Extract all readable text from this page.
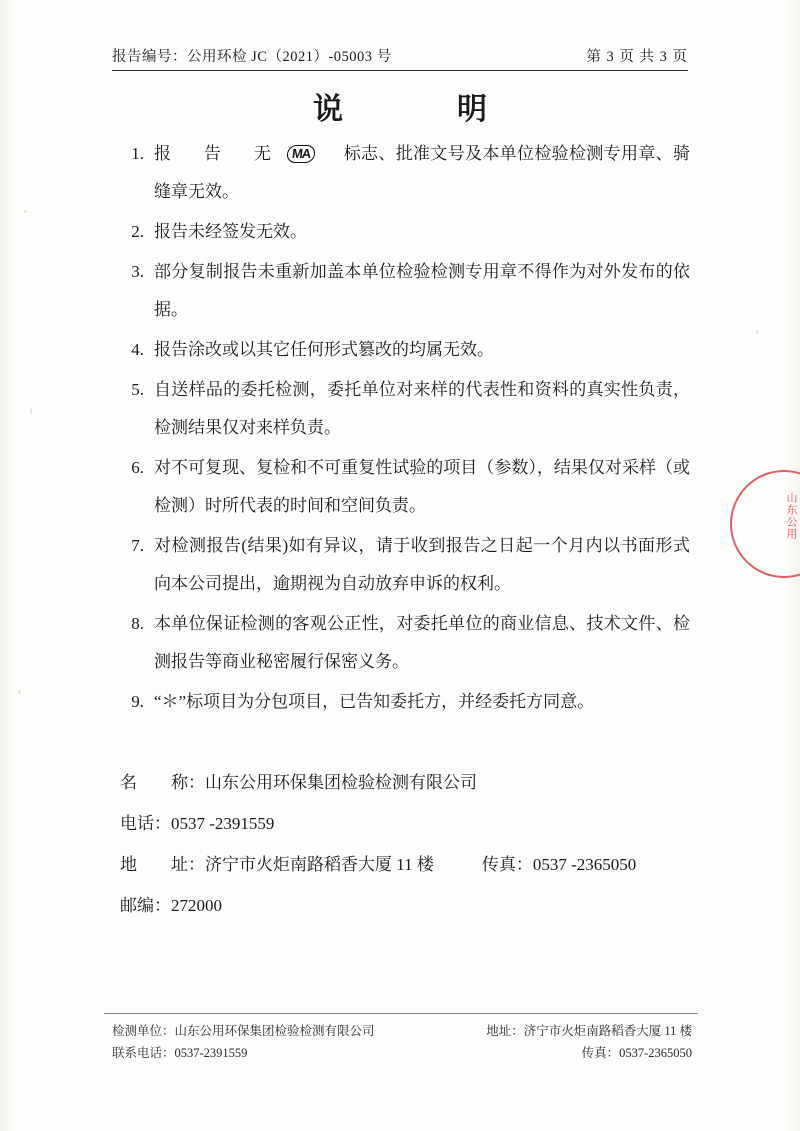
报告编号：公用环检 JC（2021）-05003 号	第 3 页 共 3 页
说　　明
1. 报 告 无 MA 标志、批准文号及本单位检验检测专用章、骑缝章无效。
2. 报告未经签发无效。
3. 部分复制报告未重新加盖本单位检验检测专用章不得作为对外发布的依据。
4. 报告涂改或以其它任何形式篡改的均属无效。
5. 自送样品的委托检测，委托单位对来样的代表性和资料的真实性负责，检测结果仅对来样负责。
6. 对不可复现、复检和不可重复性试验的项目（参数），结果仅对采样（或检测）时所代表的时间和空间负责。
7. 对检测报告(结果)如有异议，请于收到报告之日起一个月内以书面形式向本公司提出，逾期视为自动放弃申诉的权利。
8. 本单位保证检测的客观公正性，对委托单位的商业信息、技术文件、检测报告等商业秘密履行保密义务。
9. “＊”标项目为分包项目，已告知委托方，并经委托方同意。
名　　称：山东公用环保集团检验检测有限公司
电话：0537 -2391559
地　　址：济宁市火炬南路稻香大厦 11 楼	传真：0537 -2365050
邮编：272000
山东公用
检测单位：山东公用环保集团检验检测有限公司	地址：济宁市火炬南路稻香大厦 11 楼
联系电话：0537-2391559	传真：0537-2365050
